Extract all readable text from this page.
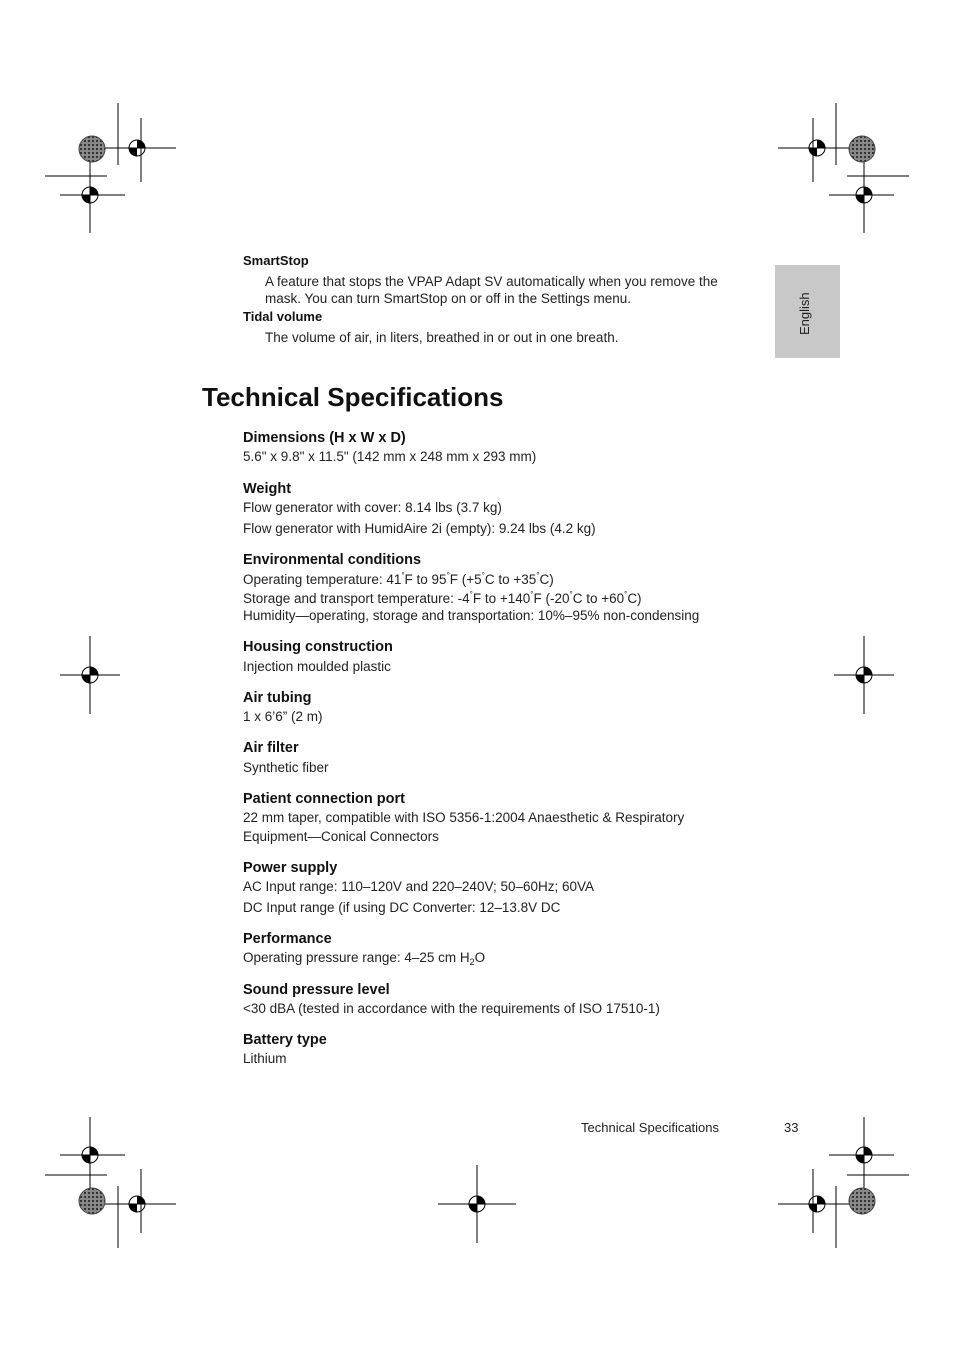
SmartStop
A feature that stops the VPAP Adapt SV automatically when you remove the mask. You can turn SmartStop on or off in the Settings menu.
Tidal volume
The volume of air, in liters, breathed in or out in one breath.
English
Technical Specifications
Dimensions (H x W x D)
5.6" x 9.8" x 11.5" (142 mm x 248 mm x 293 mm)
Weight
Flow generator with cover: 8.14 lbs (3.7 kg)
Flow generator with HumidAire 2i (empty): 9.24 lbs (4.2 kg)
Environmental conditions
Operating temperature: 41°F to 95°F (+5°C to +35°C)
Storage and transport temperature: -4°F to +140°F (-20°C to +60°C)
Humidity—operating, storage and transportation: 10%–95% non-condensing
Housing construction
Injection moulded plastic
Air tubing
1 x 6’6” (2 m)
Air filter
Synthetic fiber
Patient connection port
22 mm taper, compatible with ISO 5356-1:2004 Anaesthetic & Respiratory
Equipment—Conical Connectors
Power supply
AC Input range: 110–120V and 220–240V; 50–60Hz; 60VA
DC Input range (if using DC Converter: 12–13.8V DC
Performance
Operating pressure range: 4–25 cm $H_2O$
Sound pressure level
<30 dBA (tested in accordance with the requirements of ISO 17510-1)
Battery type
Lithium
Technical Specifications	33
